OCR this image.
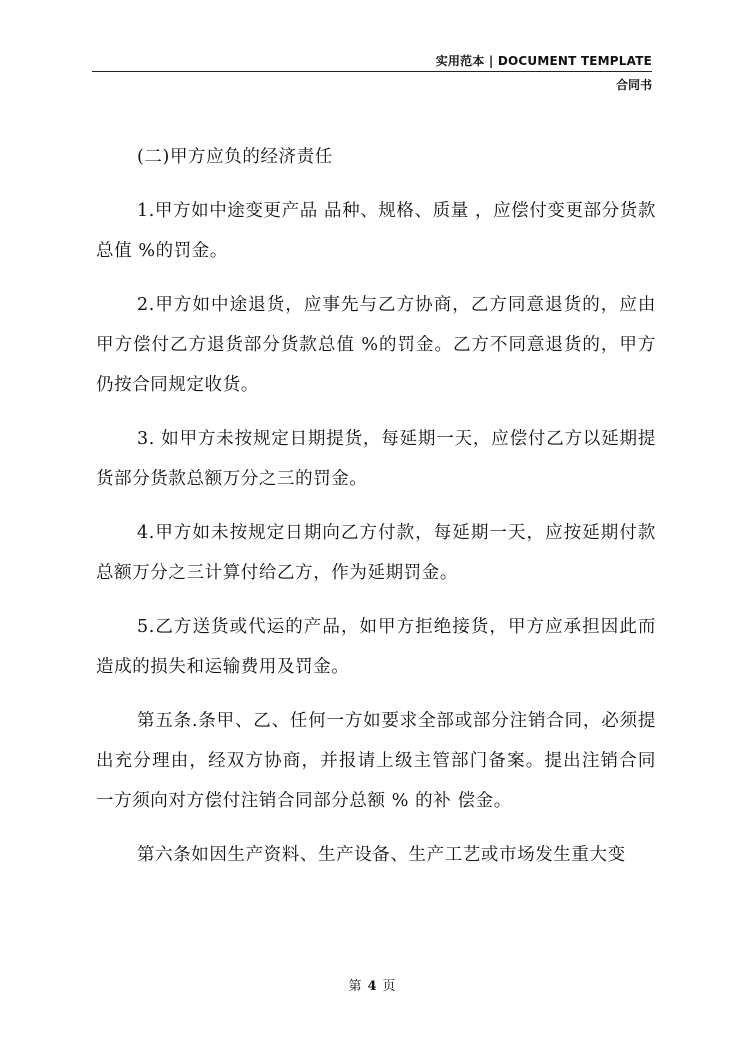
实用范本 | DOCUMENT TEMPLATE
合同书

(二)甲方应负的经济责任

1.甲方如中途变更产品 品种、规格、质量 ，应偿付变更部分货款总值 %的罚金。

2.甲方如中途退货，应事先与乙方协商，乙方同意退货的，应由甲方偿付乙方退货部分货款总值 %的罚金。乙方不同意退货的，甲方仍按合同规定收货。

3. 如甲方未按规定日期提货，每延期一天，应偿付乙方以延期提货部分货款总额万分之三的罚金。

4.甲方如未按规定日期向乙方付款，每延期一天，应按延期付款总额万分之三计算付给乙方，作为延期罚金。

5.乙方送货或代运的产品，如甲方拒绝接货，甲方应承担因此而造成的损失和运输费用及罚金。

第五条.条甲、乙、任何一方如要求全部或部分注销合同，必须提出充分理由，经双方协商，并报请上级主管部门备案。提出注销合同一方须向对方偿付注销合同部分总额 % 的补 偿金。

第六条如因生产资料、生产设备、生产工艺或市场发生重大变

第 4 页
